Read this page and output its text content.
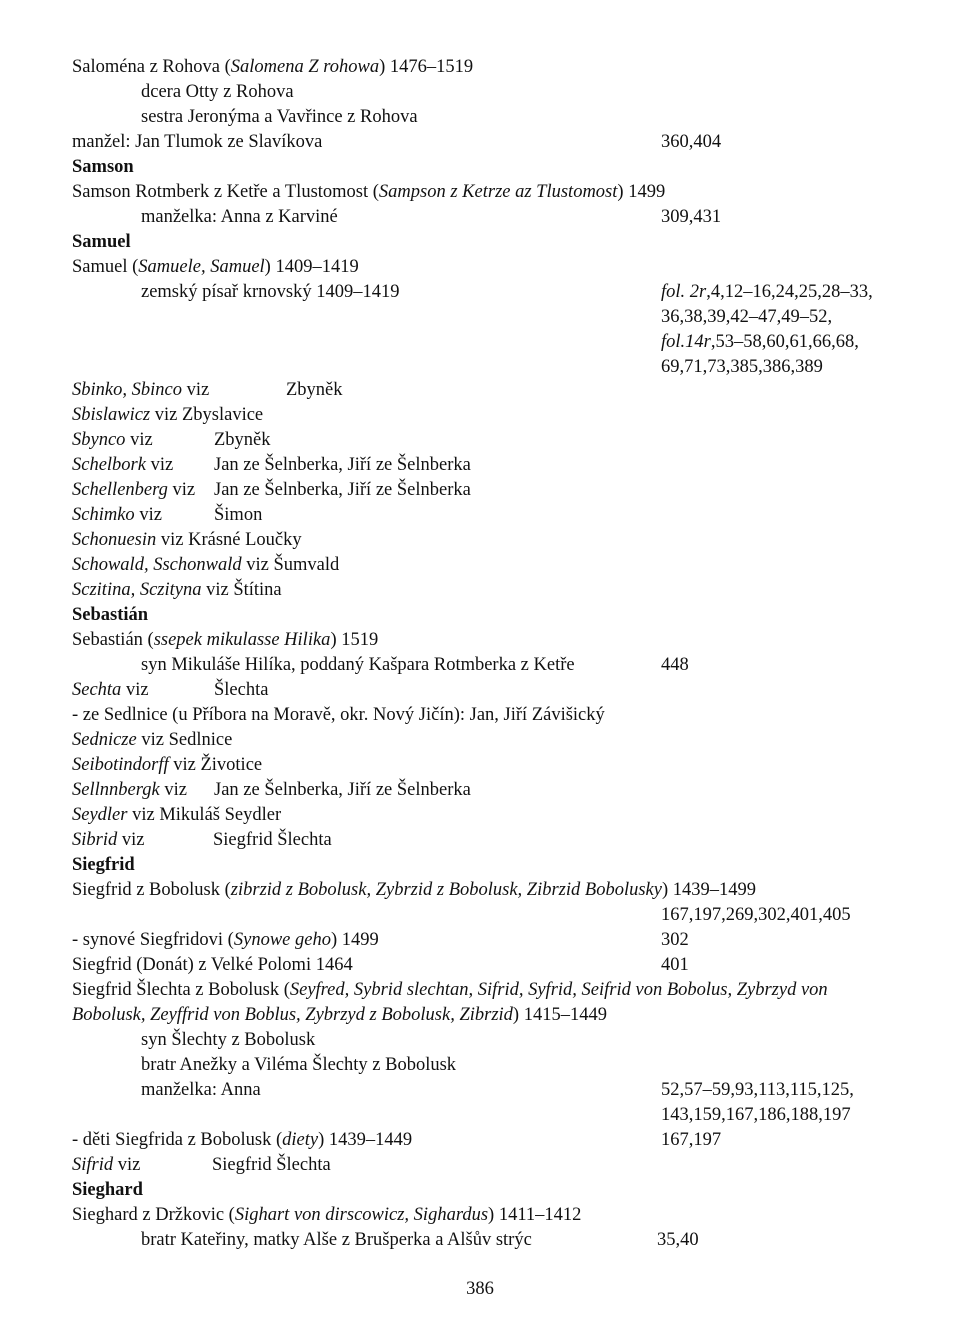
Saloména z Rohova (Salomena Z rohowa) 1476–1519
dcera Otty z Rohova
sestra Jeronýma a Vavřince z Rohova
manžel: Jan Tlumok ze Slavíkova	360,404
Samson
Samson Rotmberk z Ketře a Tlustomost (Sampson z Ketrze az Tlustomost) 1499
manželka: Anna z Karviné	309,431
Samuel
Samuel (Samuele, Samuel) 1409–1419
zemský písař krnovský 1409–1419	fol. 2r,4,12–16,24,25,28–33,
36,38,39,42–47,49–52,
fol.14r,53–58,60,61,66,68,
69,71,73,385,386,389
Sbinko, Sbinco viz	Zbyněk
Sbislawicz viz Zbyslavice
Sbynco viz	Zbyněk
Schelbork viz Jan ze Šelnberka, Jiří ze Šelnberka
Schellenberg viz Jan ze Šelnberka, Jiří ze Šelnberka
Schimko viz	Šimon
Schonuesin viz Krásné Loučky
Schowald, Sschonwald viz Šumvald
Sczitina, Sczityna viz Štítina
Sebastián
Sebastián (ssepek mikulasse Hilika) 1519
syn Mikuláše Hilíka, poddaný Kašpara Rotmberka z Ketře	448
Sechta viz	Šlechta
- ze Sedlnice (u Příbora na Moravě, okr. Nový Jičín): Jan, Jiří Závišický
Sednicze viz Sedlnice
Seibotindorff viz Životice
Sellnnbergk viz Jan ze Šelnberka, Jiří ze Šelnberka
Seydler viz Mikuláš Seydler
Sibrid viz	Siegfrid Šlechta
Siegfrid
Siegfrid z Bobolusk (zibrzid z Bobolusk, Zybrzid z Bobolusk, Zibrzid Bobolusky) 1439–1499
167,197,269,302,401,405
- synové Siegfridovi (Synowe geho) 1499	302
Siegfrid (Donát) z Velké Polomi 1464	401
Siegfrid Šlechta z Bobolusk (Seyfred, Sybrid slechtan, Sifrid, Syfrid, Seifrid von Bobolus, Zybrzyd von
Bobolusk, Zeyffrid von Boblus, Zybrzyd z Bobolusk, Zibrzid) 1415–1449
syn Šlechty z Bobolusk
bratr Anežky a Viléma Šlechty z Bobolusk
manželka: Anna	52,57–59,93,113,115,125,
143,159,167,186,188,197
- děti Siegfrida z Bobolusk (diety) 1439–1449	167,197
Sifrid viz	Siegfrid Šlechta
Sieghard
Sieghard z Držkovic (Sighart von dirscowicz, Sighardus) 1411–1412
bratr Kateřiny, matky Alše z Brušperka a Alšův strýc	35,40
386
